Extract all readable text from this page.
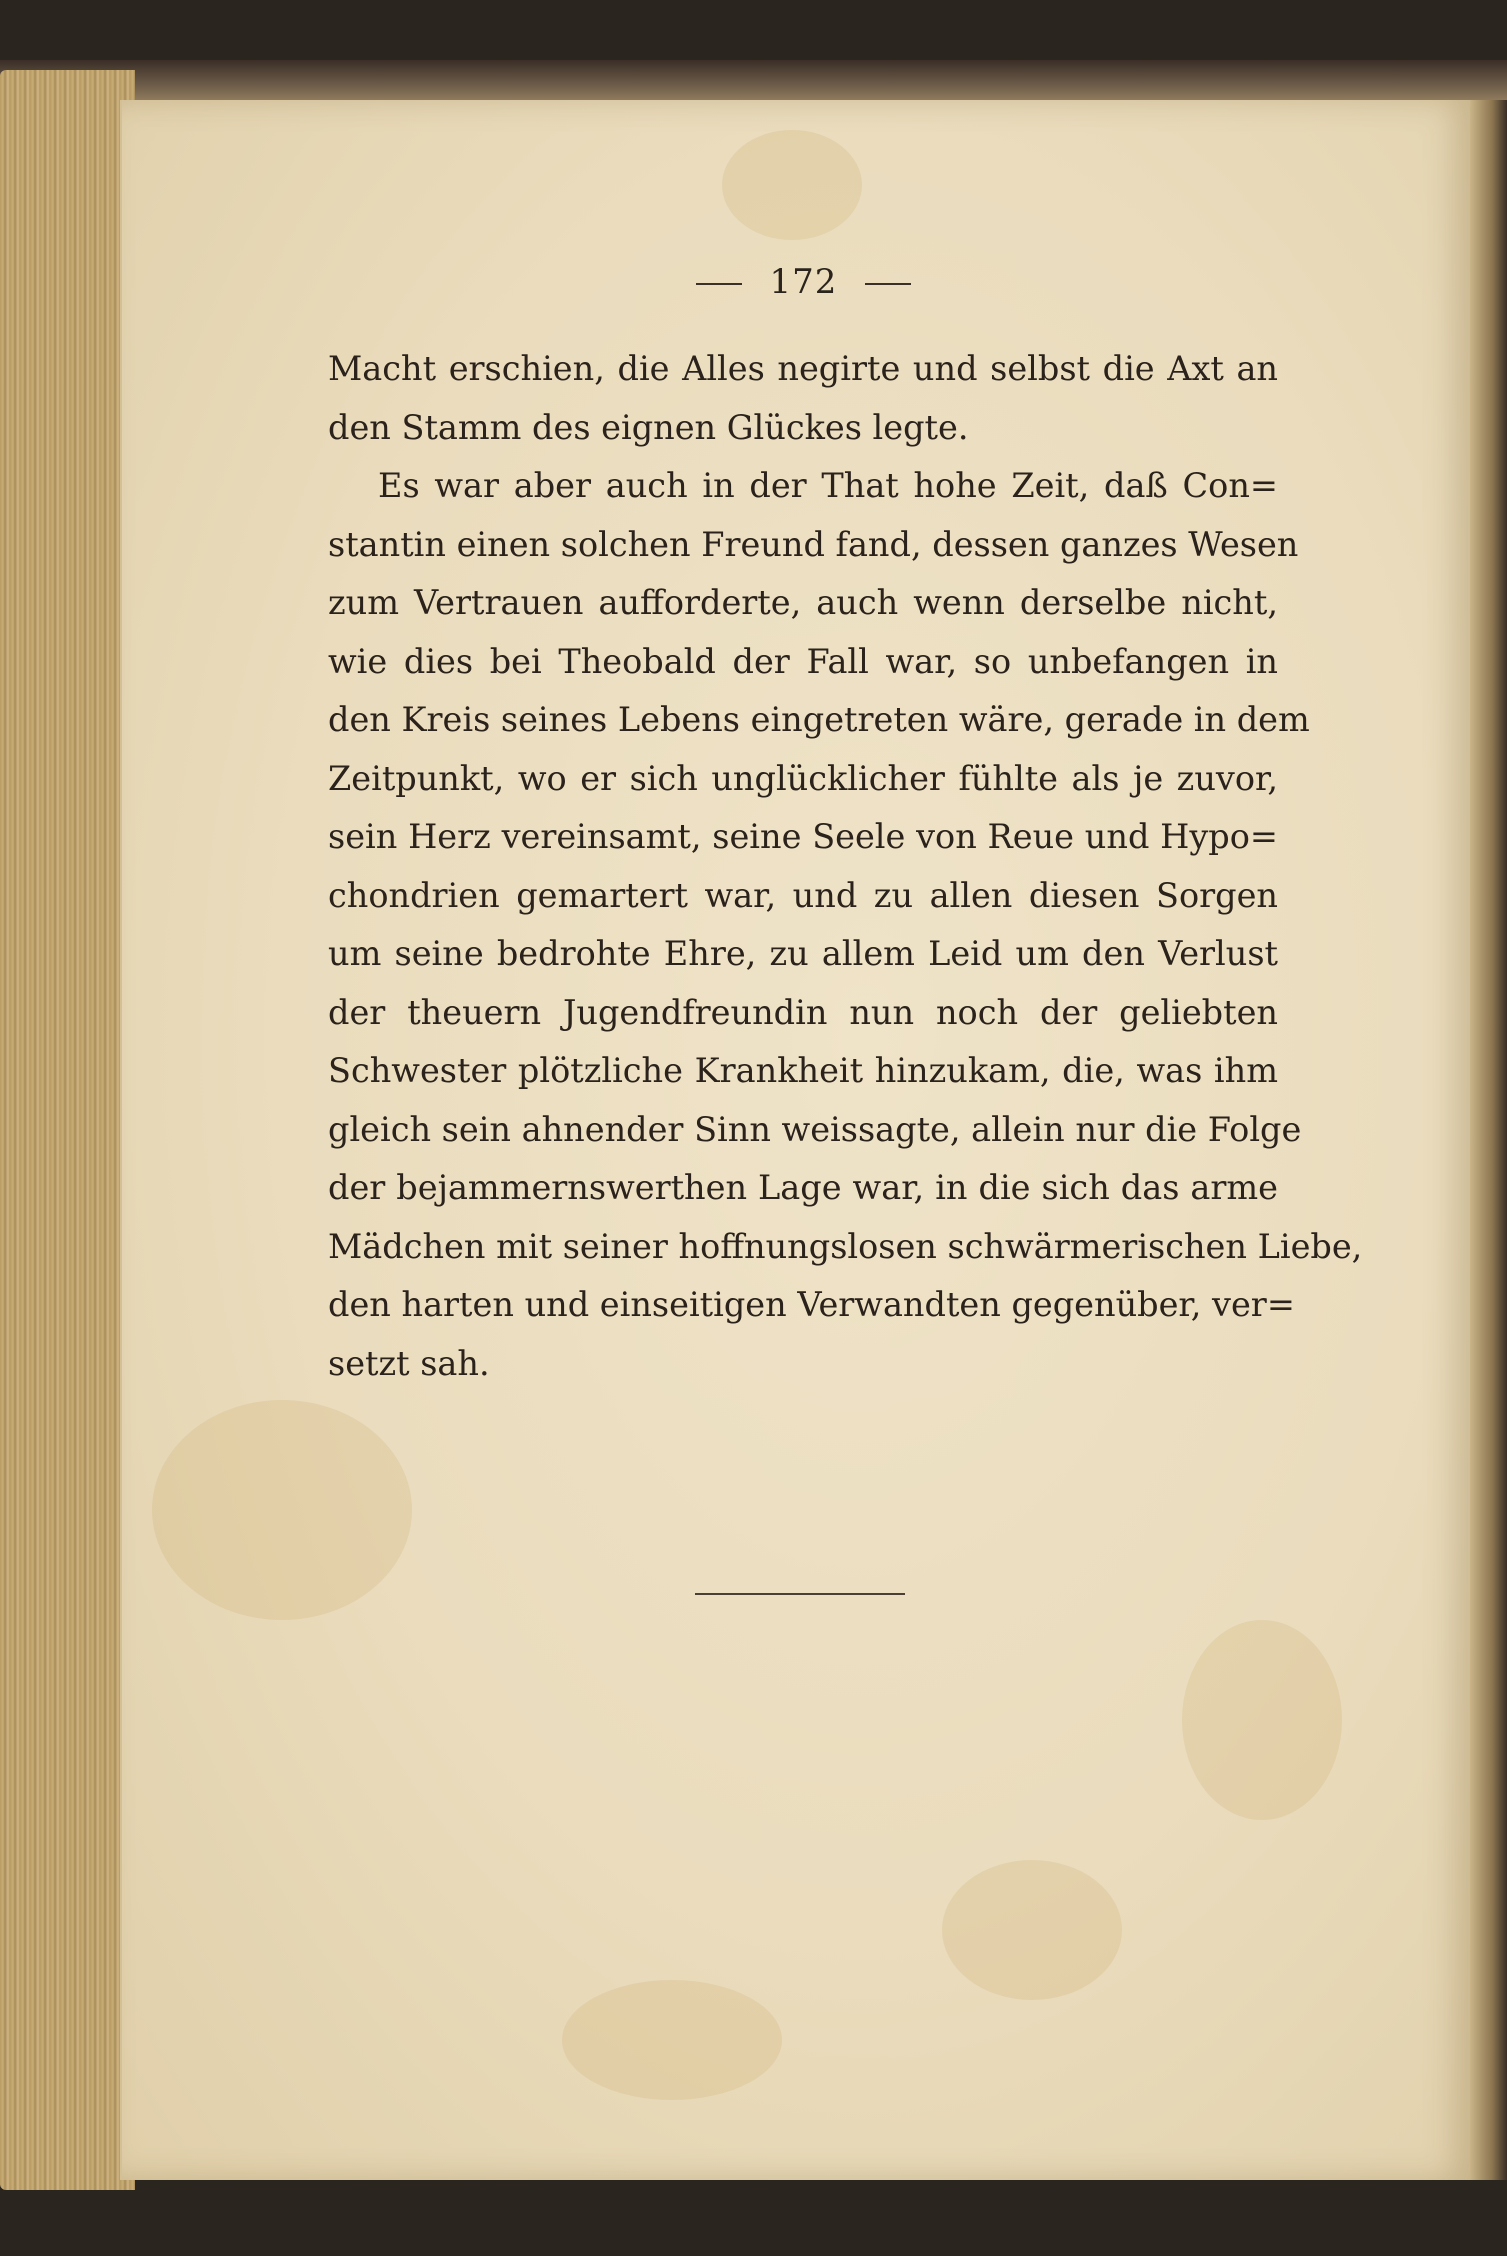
172
Macht erschien, die Alles negirte und selbst die Axt an
den Stamm des eignen Glückes legte.
Es war aber auch in der That hohe Zeit, daß Con=
stantin einen solchen Freund fand, dessen ganzes Wesen
zum Vertrauen aufforderte, auch wenn derselbe nicht,
wie dies bei Theobald der Fall war, so unbefangen in
den Kreis seines Lebens eingetreten wäre, gerade in dem
Zeitpunkt, wo er sich unglücklicher fühlte als je zuvor,
sein Herz vereinsamt, seine Seele von Reue und Hypo=
chondrien gemartert war, und zu allen diesen Sorgen
um seine bedrohte Ehre, zu allem Leid um den Verlust
der theuern Jugendfreundin nun noch der geliebten
Schwester plötzliche Krankheit hinzukam, die, was ihm
gleich sein ahnender Sinn weissagte, allein nur die Folge
der bejammernswerthen Lage war, in die sich das arme
Mädchen mit seiner hoffnungslosen schwärmerischen Liebe,
den harten und einseitigen Verwandten gegenüber, ver=
setzt sah.
